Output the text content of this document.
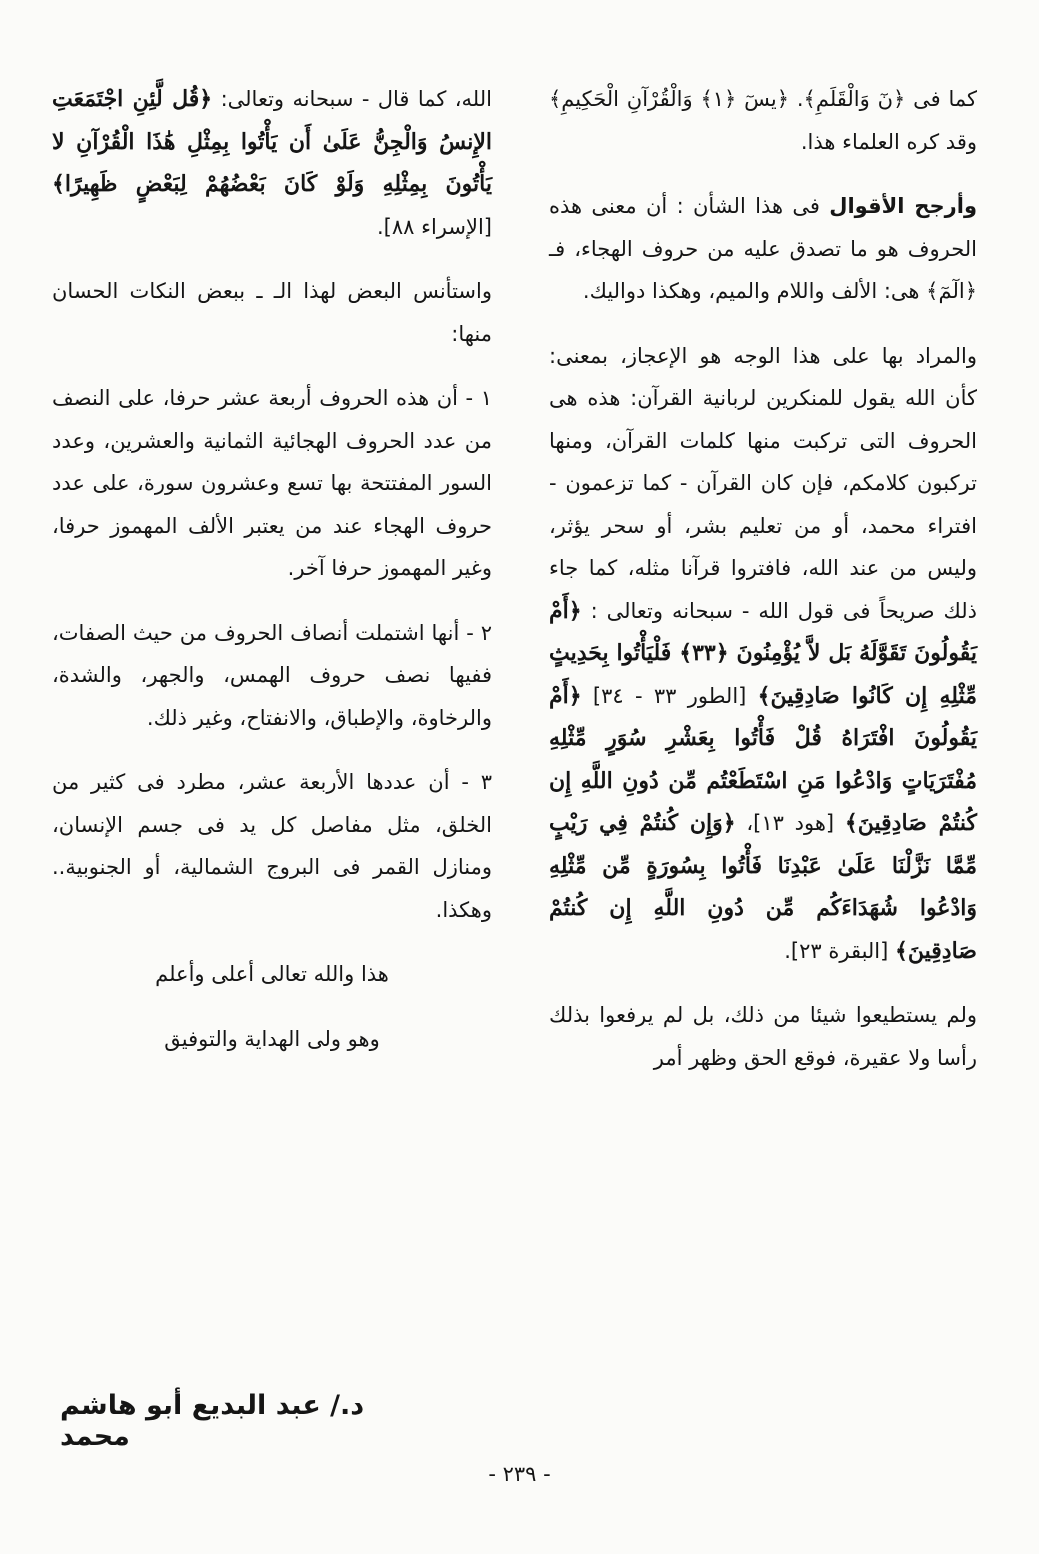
كما فى ﴿نٓ وَالْقَلَمِ﴾. ﴿يسٓ ﴿١﴾ وَالْقُرْآنِ الْحَكِيمِ﴾ وقد كره العلماء هذا.

وأرجح الأقوال فى هذا الشأن : أن معنى هذه الحروف هو ما تصدق عليه من حروف الهجاء، فـ ﴿الٓمٓ﴾ هى: الألف واللام والميم، وهكذا دواليك.

والمراد بها على هذا الوجه هو الإعجاز، بمعنى: كأن الله يقول للمنكرين لربانية القرآن: هذه هى الحروف التى تركبت منها كلمات القرآن، ومنها تركبون كلامكم، فإن كان القرآن - كما تزعمون - افتراء محمد، أو من تعليم بشر، أو سحر يؤثر، وليس من عند الله، فافتروا قرآنا مثله، كما جاء ذلك صريحاً فى قول الله - سبحانه وتعالى : ﴿أَمْ يَقُولُونَ تَقَوَّلَهُ بَل لاَّ يُؤْمِنُونَ ﴿٣٣﴾ فَلْيَأْتُوا بِحَدِيثٍ مِّثْلِهِ إِن كَانُوا صَادِقِينَ﴾ [الطور ٣٣ - ٣٤] ﴿أَمْ يَقُولُونَ افْتَرَاهُ قُلْ فَأْتُوا بِعَشْرِ سُوَرٍ مِّثْلِهِ مُفْتَرَيَاتٍ وَادْعُوا مَنِ اسْتَطَعْتُم مِّن دُونِ اللَّهِ إِن كُنتُمْ صَادِقِينَ﴾ [هود ١٣]، ﴿وَإِن كُنتُمْ فِي رَيْبٍ مِّمَّا نَزَّلْنَا عَلَىٰ عَبْدِنَا فَأْتُوا بِسُورَةٍ مِّن مِّثْلِهِ وَادْعُوا شُهَدَاءَكُم مِّن دُونِ اللَّهِ إِن كُنتُمْ صَادِقِينَ﴾ [البقرة ٢٣].

ولم يستطيعوا شيئا من ذلك، بل لم يرفعوا بذلك رأسا ولا عقيرة، فوقع الحق وظهر أمر

الله، كما قال - سبحانه وتعالى: ﴿قُل لَّئِنِ اجْتَمَعَتِ الإِنسُ وَالْجِنُّ عَلَىٰ أَن يَأْتُوا بِمِثْلِ هَٰذَا الْقُرْآنِ لا يَأْتُونَ بِمِثْلِهِ وَلَوْ كَانَ بَعْضُهُمْ لِبَعْضٍ ظَهِيرًا﴾ [الإسراء ٨٨].

واستأنس البعض لهذا الـ ـ ببعض النكات الحسان منها:

١ - أن هذه الحروف أربعة عشر حرفا، على النصف من عدد الحروف الهجائية الثمانية والعشرين، وعدد السور المفتتحة بها تسع وعشرون سورة، على عدد حروف الهجاء عند من يعتبر الألف المهموز حرفا، وغير المهموز حرفا آخر.

٢ - أنها اشتملت أنصاف الحروف من حيث الصفات، ففيها نصف حروف الهمس، والجهر، والشدة، والرخاوة، والإطباق، والانفتاح، وغير ذلك.

٣ - أن عددها الأربعة عشر، مطرد فى كثير من الخلق، مثل مفاصل كل يد فى جسم الإنسان، ومنازل القمر فى البروج الشمالية، أو الجنوبية.. وهكذا.

هذا والله تعالى أعلى وأعلم

وهو ولى الهداية والتوفيق

د./ عبد البديع أبو هاشم محمد
- ٢٣٩ -
